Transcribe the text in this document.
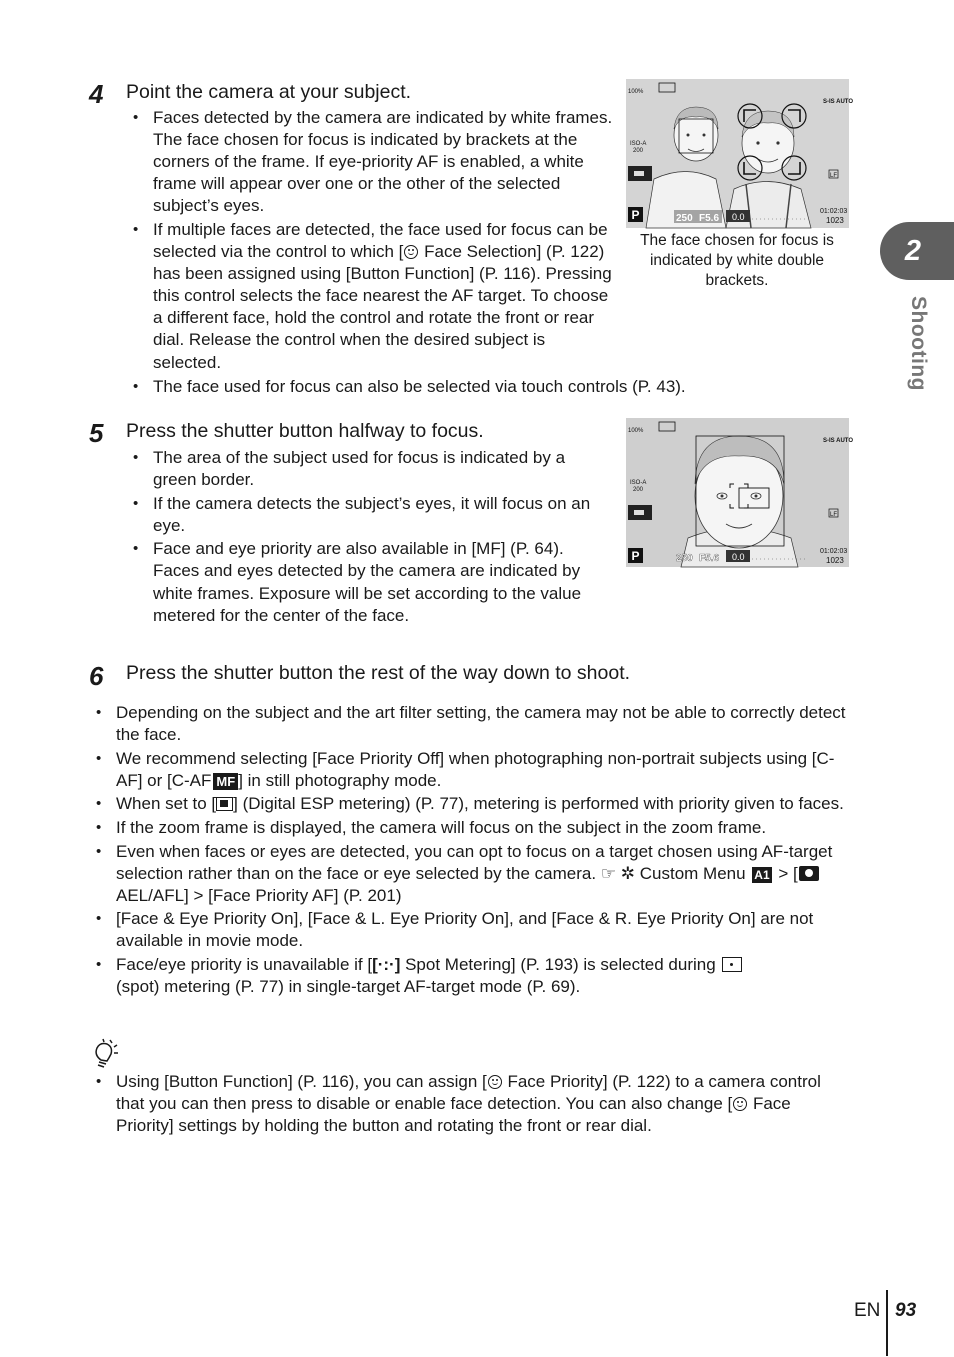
4 Point the camera at your subject.
• Faces detected by the camera are indicated by white frames. The face chosen for focus is indicated by brackets at the corners of the frame. If eye-priority AF is enabled, a white frame will appear over one or the other of the selected subject’s eyes.
• If multiple faces are detected, the face used for focus can be selected via the control to which [ Face Selection] (P. 122) has been assigned using [Button Function] (P. 116). Pressing this control selects the face nearest the AF target. To choose a different face, hold the control and rotate the front or rear dial. Release the control when the desired subject is selected.
• The face used for focus can also be selected via touch controls (P. 43).
P	250 F5.6 0.0
01:02:03
1023
100%
ISO-A
200
S-IS AUTO
LF
The face chosen for focus is indicated by white double brackets.
5 Press the shutter button halfway to focus.
• The area of the subject used for focus is indicated by a green border.
• If the camera detects the subject’s eyes, it will focus on an eye.
• Face and eye priority are also available in [MF] (P. 64). Faces and eyes detected by the camera are indicated by white frames. Exposure will be set according to the value metered for the center of the face.
P	250 F5.6 0.0
01:02:03
1023
100%
ISO-A
200
S-IS AUTO
LF
6 Press the shutter button the rest of the way down to shoot.
• Depending on the subject and the art filter setting, the camera may not be able to correctly detect the face.
• We recommend selecting [Face Priority Off] when photographing non-portrait subjects using [C-AF] or [C-AF MF ] in still photography mode.
• When set to [ ] (Digital ESP metering) (P. 77), metering is performed with priority given to faces.
• If the zoom frame is displayed, the camera will focus on the subject in the zoom frame.
• Even when faces or eyes are detected, you can opt to focus on a target chosen using AF-target selection rather than on the face or eye selected by the camera. ☞ ✲ Custom Menu A1 > [ AEL/AFL] > [Face Priority AF] (P. 201)
• [Face & Eye Priority On], [Face & L. Eye Priority On], and [Face & R. Eye Priority On] are not available in movie mode.
• Face/eye priority is unavailable if [[·:·] Spot Metering] (P. 193) is selected during
(spot) metering (P. 77) in single-target AF-target mode (P. 69).
• Using [Button Function] (P. 116), you can assign [ Face Priority] (P. 122) to a camera control that you can then press to disable or enable face detection. You can also change [ Face Priority] settings by holding the button and rotating the front or rear dial.
2
Shooting
EN 93
